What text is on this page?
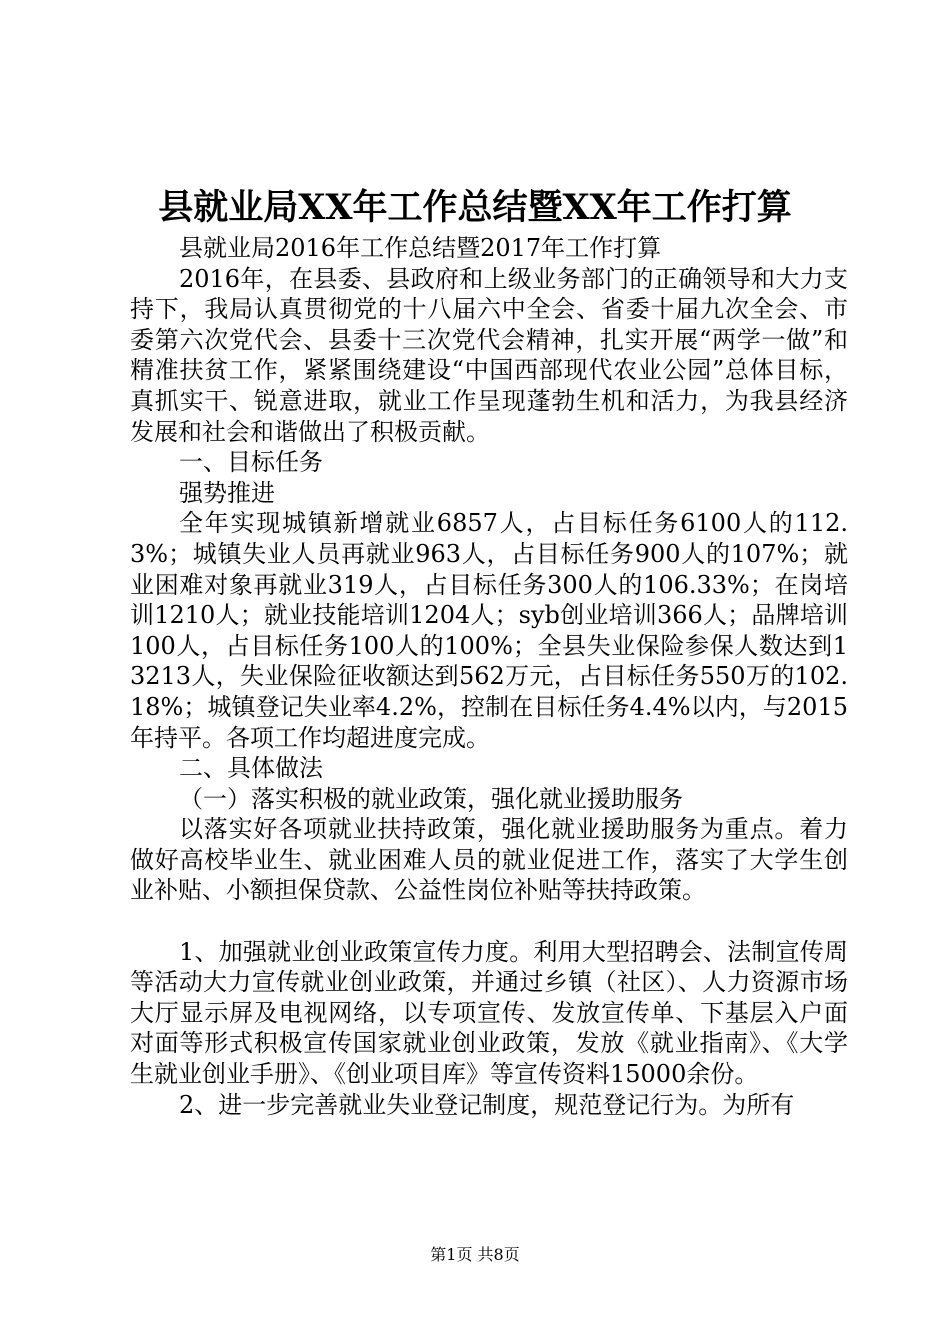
县就业局XX年工作总结暨XX年工作打算

县就业局2016年工作总结暨2017年工作打算

2016年，在县委、县政府和上级业务部门的正确领导和大力支持下，我局认真贯彻党的十八届六中全会、省委十届九次全会、市委第六次党代会、县委十三次党代会精神，扎实开展“两学一做”和精准扶贫工作，紧紧围绕建设“中国西部现代农业公园”总体目标，真抓实干、锐意进取，就业工作呈现蓬勃生机和活力，为我县经济发展和社会和谐做出了积极贡献。

一、目标任务

强势推进

全年实现城镇新增就业6857人，占目标任务6100人的112.3%；城镇失业人员再就业963人，占目标任务900人的107%；就业困难对象再就业319人，占目标任务300人的106.33%；在岗培训1210人；就业技能培训1204人；syb创业培训366人；品牌培训100人，占目标任务100人的100%；全县失业保险参保人数达到13213人，失业保险征收额达到562万元，占目标任务550万的102.18%；城镇登记失业率4.2%，控制在目标任务4.4%以内，与2015年持平。各项工作均超进度完成。

二、具体做法

（一）落实积极的就业政策，强化就业援助服务

以落实好各项就业扶持政策，强化就业援助服务为重点。着力做好高校毕业生、就业困难人员的就业促进工作，落实了大学生创业补贴、小额担保贷款、公益性岗位补贴等扶持政策。

1、加强就业创业政策宣传力度。利用大型招聘会、法制宣传周等活动大力宣传就业创业政策，并通过乡镇（社区）、人力资源市场大厅显示屏及电视网络，以专项宣传、发放宣传单、下基层入户面对面等形式积极宣传国家就业创业政策，发放《就业指南》、《大学生就业创业手册》、《创业项目库》等宣传资料15000余份。

2、进一步完善就业失业登记制度，规范登记行为。为所有

第1页 共8页
